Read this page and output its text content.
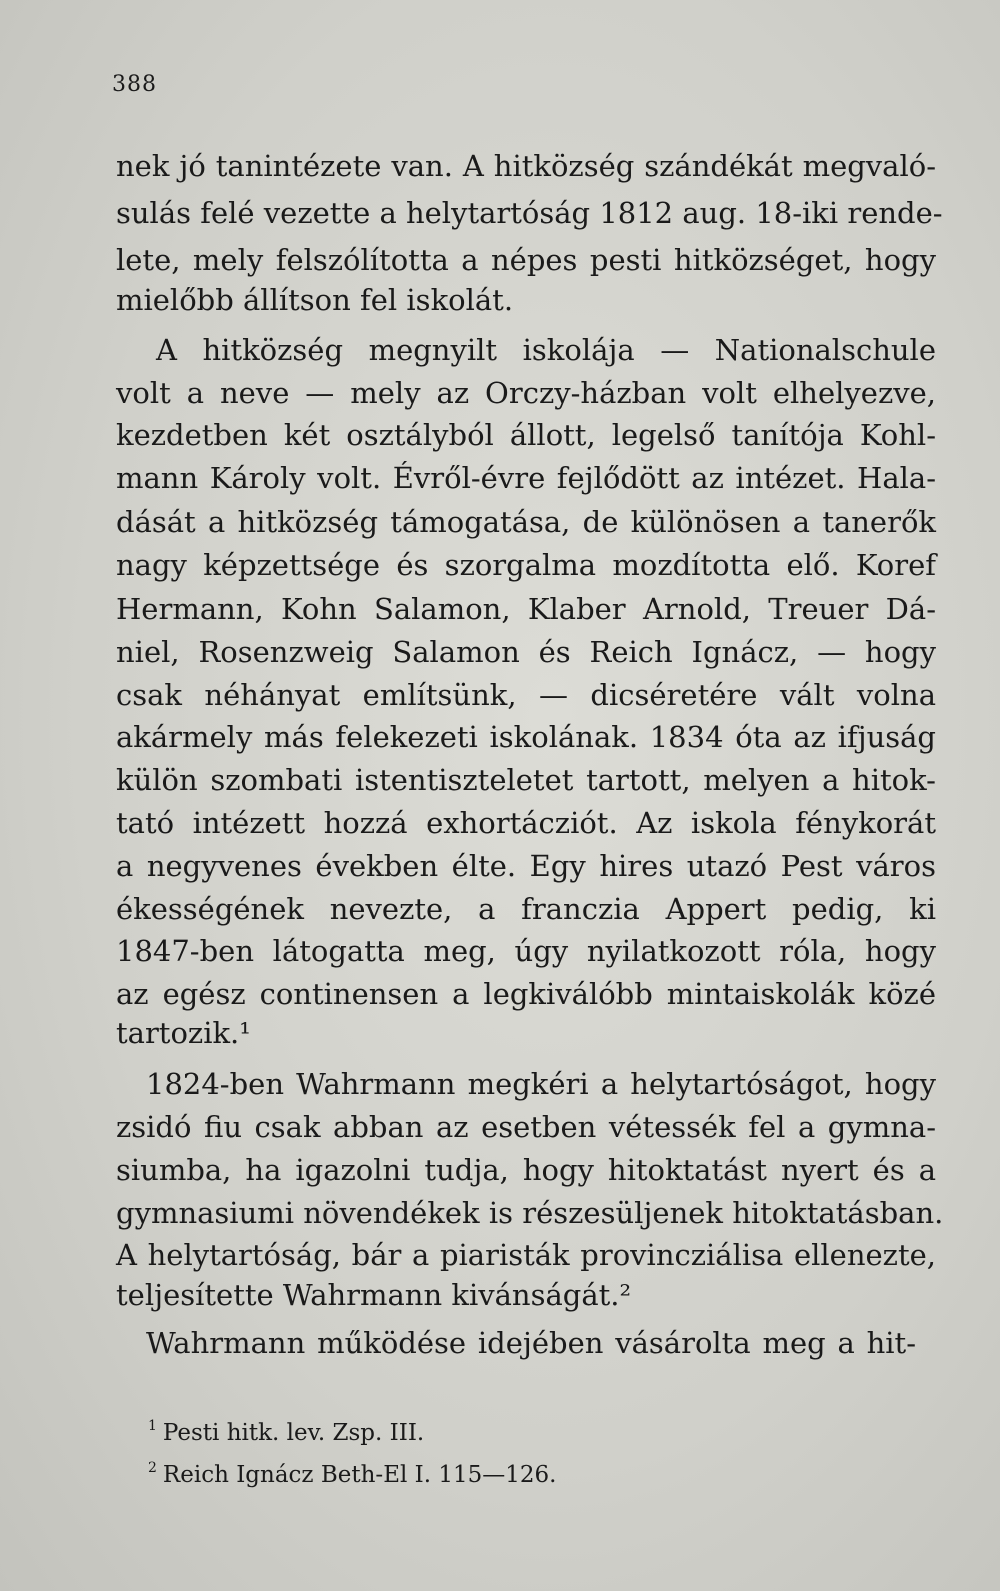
388
nek jó tanintézete van. A hitközség szándékát megvaló-
sulás felé vezette a helytartóság 1812 aug. 18-iki rende-
lete, mely felszólította a népes pesti hitközséget, hogy
mielőbb állítson fel iskolát.
A hitközség megnyilt iskolája — Nationalschule
volt a neve — mely az Orczy-házban volt elhelyezve,
kezdetben két osztályból állott, legelső tanítója Kohl-
mann Károly volt. Évről-évre fejlődött az intézet. Hala-
dását a hitközség támogatása, de különösen a tanerők
nagy képzettsége és szorgalma mozdította elő. Koref
Hermann, Kohn Salamon, Klaber Arnold, Treuer Dá-
niel, Rosenzweig Salamon és Reich Ignácz, — hogy
csak néhányat említsünk, — dicséretére vált volna
akármely más felekezeti iskolának. 1834 óta az ifjuság
külön szombati istentiszteletet tartott, melyen a hitok-
tató intézett hozzá exhortácziót. Az iskola fénykorát
a negyvenes években élte. Egy hires utazó Pest város
ékességének nevezte, a franczia Appert pedig, ki
1847-ben látogatta meg, úgy nyilatkozott róla, hogy
az egész continensen a legkiválóbb mintaiskolák közé
tartozik.¹
1824-ben Wahrmann megkéri a helytartóságot, hogy
zsidó fiu csak abban az esetben vétessék fel a gymna-
siumba, ha igazolni tudja, hogy hitoktatást nyert és a
gymnasiumi növendékek is részesüljenek hitoktatásban.
A helytartóság, bár a piaristák provincziálisa ellenezte,
teljesítette Wahrmann kivánságát.²
Wahrmann működése idejében vásárolta meg a hit-
$^1$ Pesti hitk. lev. Zsp. III.
$^2$ Reich Ignácz Beth-El I. 115—126.
